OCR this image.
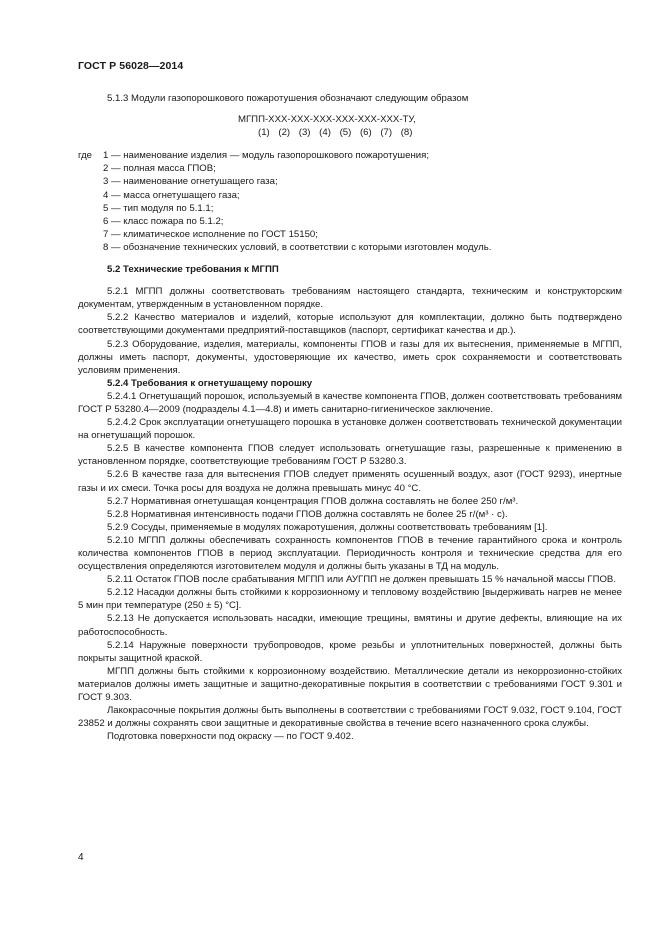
ГОСТ Р 56028—2014

5.1.3 Модули газопорошкового пожаротушения обозначают следующим образом

МГПП-ХХХ-ХХХ-ХХХ-ХХХ-ХХХ-ХХХ-ТУ,
(1) (2) (3) (4) (5) (6) (7) (8)
где	1 — наименование изделия — модуль газопорошкового пожаротушения;

2 — полная масса ГПОВ;

3 — наименование огнетушащего газа;

4 — масса огнетушащего газа;

5 — тип модуля по 5.1.1;

6 — класс пожара по 5.1.2;

7 — климатическое исполнение по ГОСТ 15150;

8 — обозначение технических условий, в соответствии с которыми изготовлен модуль.

5.2 Технические требования к МГПП

5.2.1 МГПП должны соответствовать требованиям настоящего стандарта, техническим и конструкторским документам, утвержденным в установленном порядке.

5.2.2 Качество материалов и изделий, которые используют для комплектации, должно быть подтверждено соответствующими документами предприятий-поставщиков (паспорт, сертификат качества и др.).

5.2.3 Оборудование, изделия, материалы, компоненты ГПОВ и газы для их вытеснения, применяемые в МГПП, должны иметь паспорт, документы, удостоверяющие их качество, иметь срок сохраняемости и соответствовать условиям применения.

5.2.4 Требования к огнетушащему порошку

5.2.4.1 Огнетушащий порошок, используемый в качестве компонента ГПОВ, должен соответствовать требованиям ГОСТ Р 53280.4—2009 (подразделы 4.1—4.8) и иметь санитарно-гигиеническое заключение.

5.2.4.2 Срок эксплуатации огнетушащего порошка в установке должен соответствовать технической документации на огнетушащий порошок.

5.2.5 В качестве компонента ГПОВ следует использовать огнетушащие газы, разрешенные к применению в установленном порядке, соответствующие требованиям ГОСТ Р 53280.3.

5.2.6 В качестве газа для вытеснения ГПОВ следует применять осушенный воздух, азот (ГОСТ 9293), инертные газы и их смеси. Точка росы для воздуха не должна превышать минус 40 °С.

5.2.7 Нормативная огнетушащая концентрация ГПОВ должна составлять не более 250 г/м³.

5.2.8 Нормативная интенсивность подачи ГПОВ должна составлять не более 25 г/(м³ · с).

5.2.9 Сосуды, применяемые в модулях пожаротушения, должны соответствовать требованиям [1].

5.2.10 МГПП должны обеспечивать сохранность компонентов ГПОВ в течение гарантийного срока и контроль количества компонентов ГПОВ в период эксплуатации. Периодичность контроля и технические средства для его осуществления определяются изготовителем модуля и должны быть указаны в ТД на модуль.

5.2.11 Остаток ГПОВ после срабатывания МГПП или АУГПП не должен превышать 15 % начальной массы ГПОВ.

5.2.12 Насадки должны быть стойкими к коррозионному и тепловому воздействию [выдерживать нагрев не менее 5 мин при температуре (250 ± 5) °С].

5.2.13 Не допускается использовать насадки, имеющие трещины, вмятины и другие дефекты, влияющие на их работоспособность.

5.2.14 Наружные поверхности трубопроводов, кроме резьбы и уплотнительных поверхностей, должны быть покрыты защитной краской.

МГПП должны быть стойкими к коррозионному воздействию. Металлические детали из некоррозионно-стойких материалов должны иметь защитные и защитно-декоративные покрытия в соответствии с требованиями ГОСТ 9.301 и ГОСТ 9.303.

Лакокрасочные покрытия должны быть выполнены в соответствии с требованиями ГОСТ 9.032, ГОСТ 9.104, ГОСТ 23852 и должны сохранять свои защитные и декоративные свойства в течение всего назначенного срока службы.

Подготовка поверхности под окраску — по ГОСТ 9.402.

4
